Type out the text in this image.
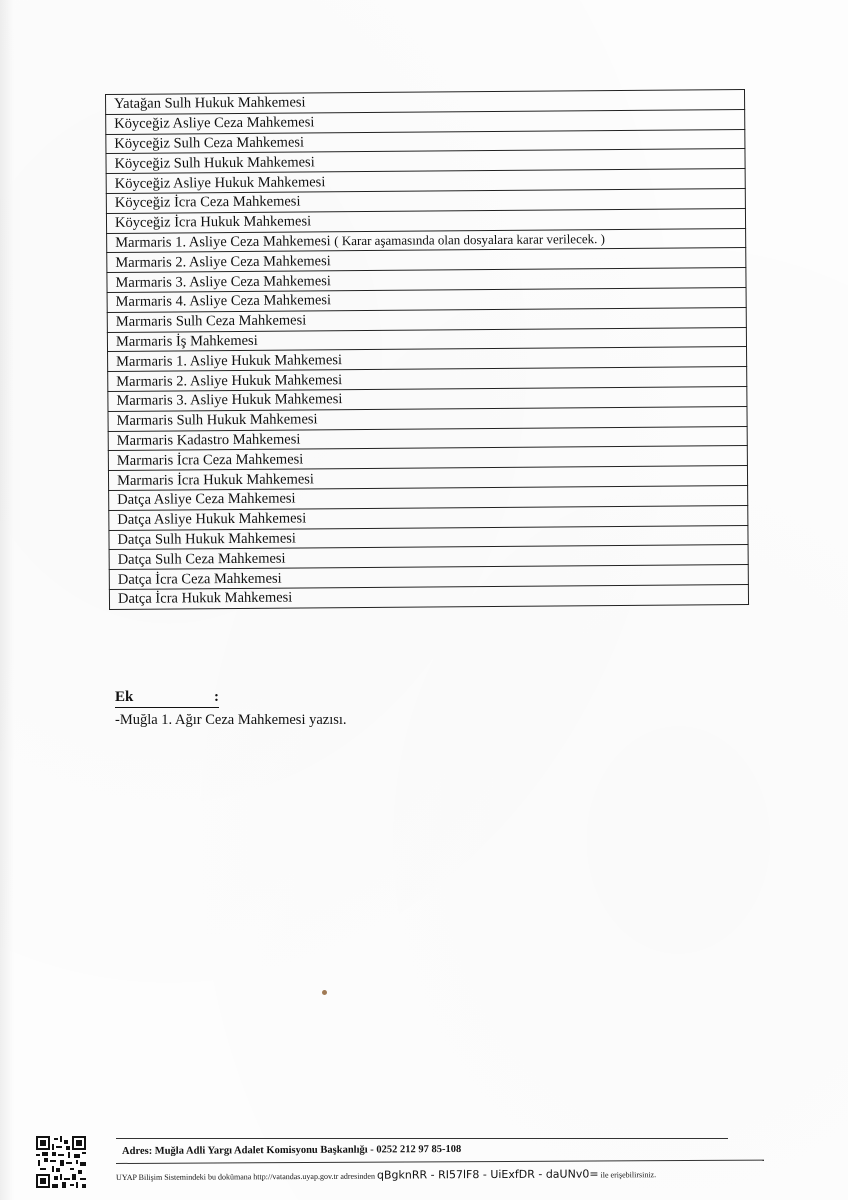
Yatağan Sulh Hukuk Mahkemesi
Köyceğiz Asliye Ceza Mahkemesi
Köyceğiz Sulh Ceza Mahkemesi
Köyceğiz Sulh Hukuk Mahkemesi
Köyceğiz Asliye Hukuk Mahkemesi
Köyceğiz İcra Ceza Mahkemesi
Köyceğiz İcra Hukuk Mahkemesi
Marmaris 1. Asliye Ceza Mahkemesi ( Karar aşamasında olan dosyalara karar verilecek. )
Marmaris 2. Asliye Ceza Mahkemesi
Marmaris 3. Asliye Ceza Mahkemesi
Marmaris 4. Asliye Ceza Mahkemesi
Marmaris Sulh Ceza Mahkemesi
Marmaris İş Mahkemesi
Marmaris 1. Asliye Hukuk Mahkemesi
Marmaris 2. Asliye Hukuk Mahkemesi
Marmaris 3. Asliye Hukuk Mahkemesi
Marmaris Sulh Hukuk Mahkemesi
Marmaris Kadastro Mahkemesi
Marmaris İcra Ceza Mahkemesi
Marmaris İcra Hukuk Mahkemesi
Datça Asliye Ceza Mahkemesi
Datça Asliye Hukuk Mahkemesi
Datça Sulh Hukuk Mahkemesi
Datça Sulh Ceza Mahkemesi
Datça İcra Ceza Mahkemesi
Datça İcra Hukuk Mahkemesi
Ek	:
-Muğla 1. Ağır Ceza Mahkemesi yazısı.
Adres: Muğla Adli Yargı Adalet Komisyonu Başkanlığı - 0252 212 97 85-108
UYAP Bilişim Sistemindeki bu dokümana http://vatandas.uyap.gov.tr adresinden qBgknRR - RI57lF8 - UiExfDR - daUNv0= ile erişebilirsiniz.
